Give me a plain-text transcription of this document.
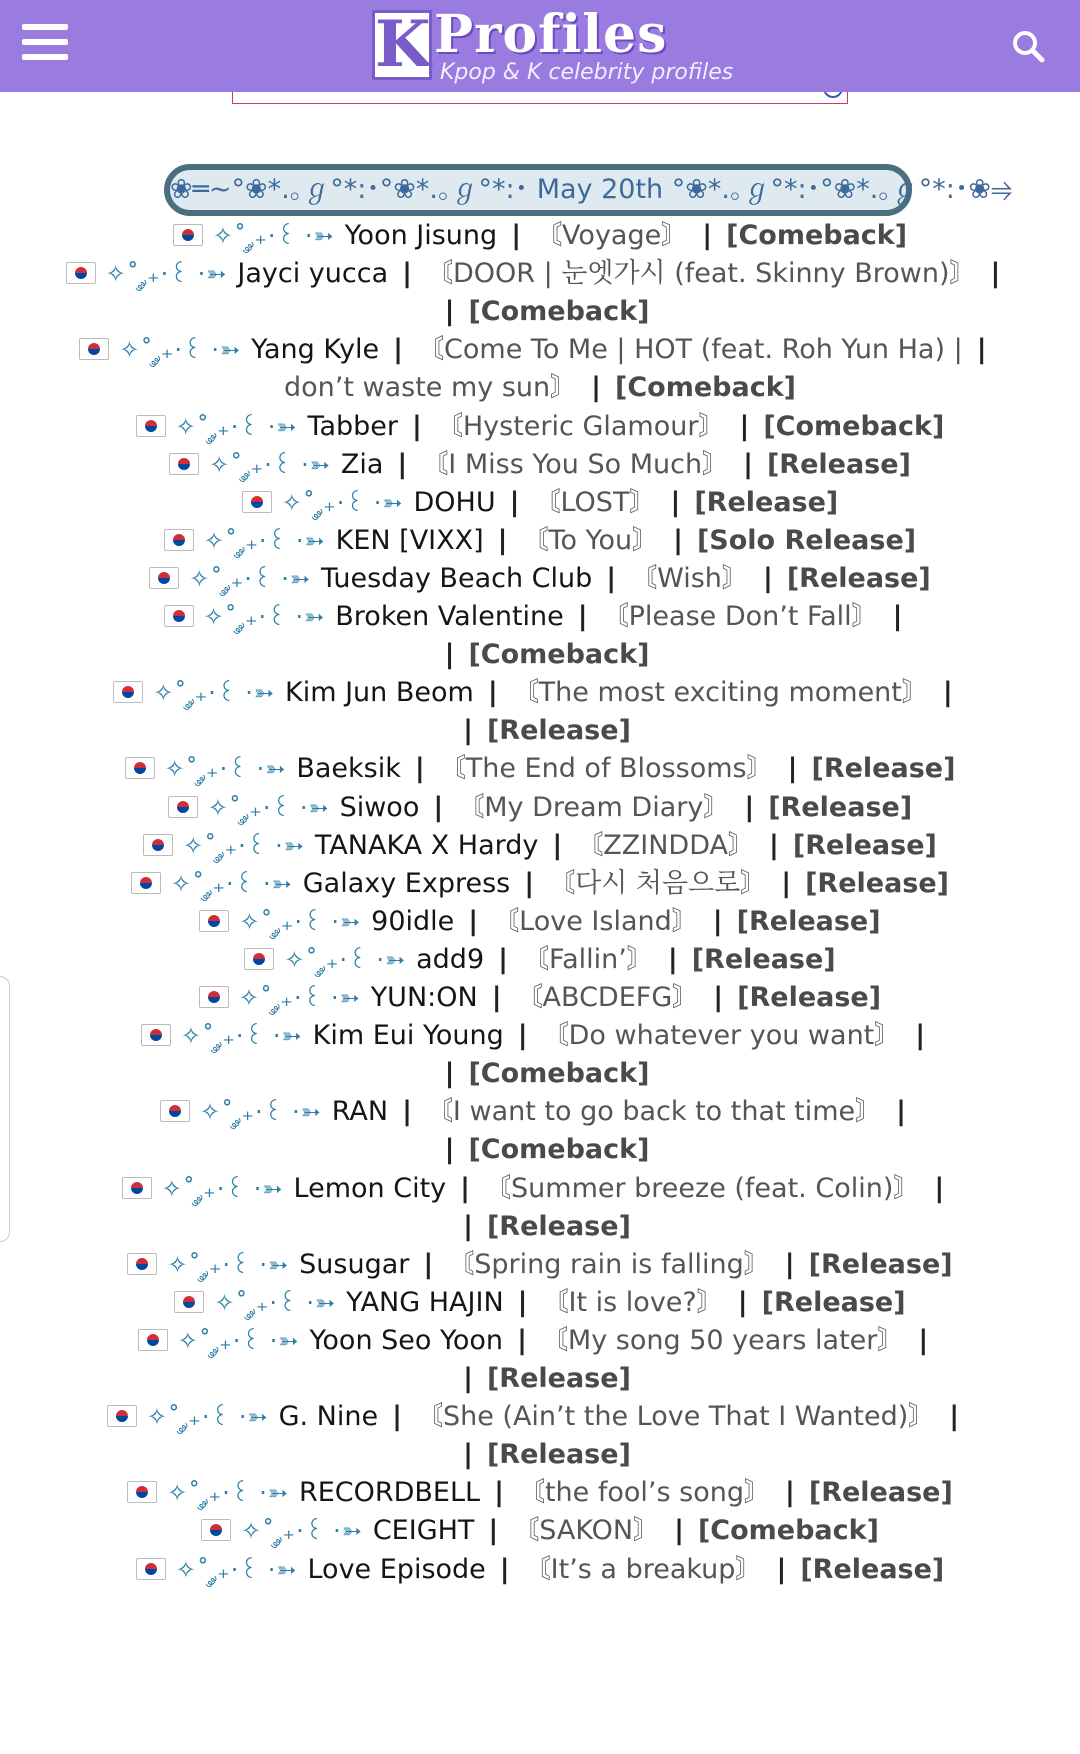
K Profiles
Kpop & K celebrity profiles
❀═~°❀*.｡ℊ°*:･°❀*.｡ℊ°*:･ May 20th °❀*.｡ℊ°*:･°❀*.｡ℊ°*:･❀⥤
✧˚ ༘₊·꒰ ·➳ Yoon Jisung | 〘Voyage〙 | [Comeback]
✧˚ ༘₊·꒰ ·➳ Jayci yucca | 〘DOOR | 눈엣가시 (feat. Skinny Brown)〙 |
| [Comeback]
✧˚ ༘₊·꒰ ·➳ Yang Kyle | 〘Come To Me | HOT (feat. Roh Yun Ha) | |
don’t waste my sun〙 | [Comeback]
✧˚ ༘₊·꒰ ·➳ Tabber | 〘Hysteric Glamour〙 | [Comeback]
✧˚ ༘₊·꒰ ·➳ Zia | 〘I Miss You So Much〙 | [Release]
✧˚ ༘₊·꒰ ·➳ DOHU | 〘LOST〙 | [Release]
✧˚ ༘₊·꒰ ·➳ KEN [VIXX] | 〘To You〙 | [Solo Release]
✧˚ ༘₊·꒰ ·➳ Tuesday Beach Club | 〘Wish〙 | [Release]
✧˚ ༘₊·꒰ ·➳ Broken Valentine | 〘Please Don’t Fall〙 |
| [Comeback]
✧˚ ༘₊·꒰ ·➳ Kim Jun Beom | 〘The most exciting moment〙 |
| [Release]
✧˚ ༘₊·꒰ ·➳ Baeksik | 〘The End of Blossoms〙 | [Release]
✧˚ ༘₊·꒰ ·➳ Siwoo | 〘My Dream Diary〙 | [Release]
✧˚ ༘₊·꒰ ·➳ TANAKA X Hardy | 〘ZZINDDA〙 | [Release]
✧˚ ༘₊·꒰ ·➳ Galaxy Express | 〘다시 처음으로〙 | [Release]
✧˚ ༘₊·꒰ ·➳ 90idle | 〘Love Island〙 | [Release]
✧˚ ༘₊·꒰ ·➳ add9 | 〘Fallin’〙 | [Release]
✧˚ ༘₊·꒰ ·➳ YUN:ON | 〘ABCDEFG〙 | [Release]
✧˚ ༘₊·꒰ ·➳ Kim Eui Young | 〘Do whatever you want〙 |
| [Comeback]
✧˚ ༘₊·꒰ ·➳ RAN | 〘I want to go back to that time〙 |
| [Comeback]
✧˚ ༘₊·꒰ ·➳ Lemon City | 〘Summer breeze (feat. Colin)〙 |
| [Release]
✧˚ ༘₊·꒰ ·➳ Susugar | 〘Spring rain is falling〙 | [Release]
✧˚ ༘₊·꒰ ·➳ YANG HAJIN | 〘It is love?〙 | [Release]
✧˚ ༘₊·꒰ ·➳ Yoon Seo Yoon | 〘My song 50 years later〙 |
| [Release]
✧˚ ༘₊·꒰ ·➳ G. Nine | 〘She (Ain’t the Love That I Wanted)〙 |
| [Release]
✧˚ ༘₊·꒰ ·➳ RECORDBELL | 〘the fool’s song〙 | [Release]
✧˚ ༘₊·꒰ ·➳ CEIGHT | 〘SAKON〙 | [Comeback]
✧˚ ༘₊·꒰ ·➳ Love Episode | 〘It’s a breakup〙 | [Release]
